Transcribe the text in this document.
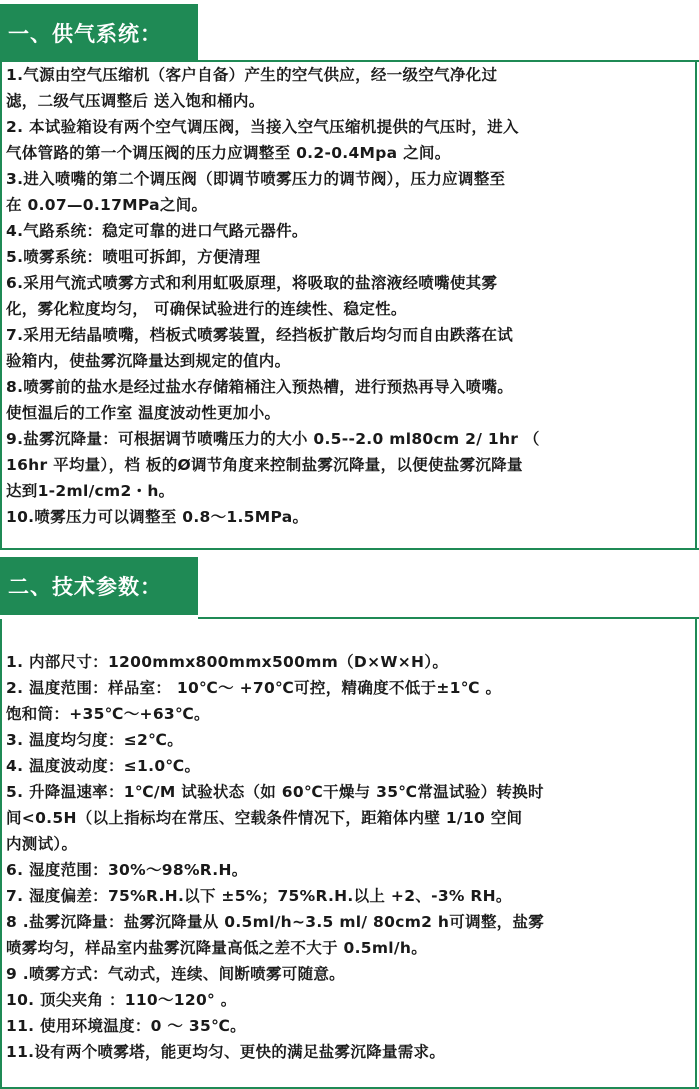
一、供气系统：
1.气源由空气压缩机（客户自备）产生的空气供应，经一级空气净化过
滤，二级气压调整后 送入饱和桶内。
2. 本试验箱设有两个空气调压阀，当接入空气压缩机提供的气压时，进入
气体管路的第一个调压阀的压力应调整至 0.2-0.4Mpa 之间。
3.进入喷嘴的第二个调压阀（即调节喷雾压力的调节阀），压力应调整至
在 0.07—0.17MPa之间。
4.气路系统：稳定可靠的进口气路元器件。
5.喷雾系统：喷咀可拆卸，方便清理
6.采用气流式喷雾方式和利用虹吸原理，将吸取的盐溶液经喷嘴使其雾
化，雾化粒度均匀， 可确保试验进行的连续性、稳定性。
7.采用无结晶喷嘴，档板式喷雾装置，经挡板扩散后均匀而自由跌落在试
验箱内，使盐雾沉降量达到规定的值内。
8.喷雾前的盐水是经过盐水存储箱桶注入预热槽，进行预热再导入喷嘴。
使恒温后的工作室 温度波动性更加小。
9.盐雾沉降量：可根据调节喷嘴压力的大小 0.5--2.0 ml80cm 2/ 1hr （
16hr 平均量），档 板的Ø调节角度来控制盐雾沉降量，以便使盐雾沉降量
达到1-2ml/cm2・h。
10.喷雾压力可以调整至 0.8～1.5MPa。
二、技术参数：
1. 内部尺寸：1200mmx800mmx500mm（D×W×H）。
2. 温度范围：样品室： 10℃～ +70℃可控，精确度不低于±1℃ 。
饱和筒：+35℃～+63℃。
3. 温度均匀度：≤2℃。
4. 温度波动度：≤1.0℃。
5. 升降温速率：1℃/M 试验状态（如 60℃干燥与 35℃常温试验）转换时
间<0.5H（以上指标均在常压、空载条件情况下，距箱体内壁 1/10 空间
内测试）。
6. 湿度范围：30%～98%R.H。
7. 湿度偏差：75%R.H.以下 ±5%；75%R.H.以上 +2、-3% RH。
8 .盐雾沉降量：盐雾沉降量从 0.5ml/h~3.5 ml/ 80cm2 h可调整，盐雾
喷雾均匀，样品室内盐雾沉降量高低之差不大于 0.5ml/h。
9 .喷雾方式：气动式，连续、间断喷雾可随意。
10. 顶尖夹角 ：110～120° 。
11. 使用环境温度：0 ～ 35℃。
11.设有两个喷雾塔，能更均匀、更快的满足盐雾沉降量需求。
